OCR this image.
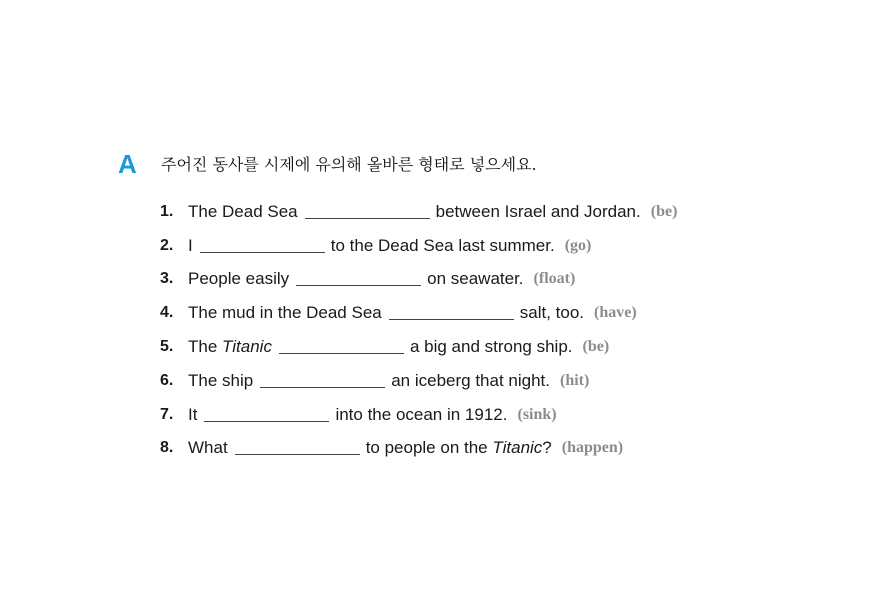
A 주어진 동사를 시제에 유의해 올바른 형태로 넣으세요.
1. The Dead Sea	between Israel and Jordan. (be)
2. I	to the Dead Sea last summer. (go)
3. People easily	on seawater. (float)
4. The mud in the Dead Sea	salt, too. (have)
5. The
Titanic	a big and strong ship. (be)
6. The ship	an iceberg that night. (hit)
7. It	into the ocean in 1912. (sink)
8. What	to people on the
Titanic ? (happen)
